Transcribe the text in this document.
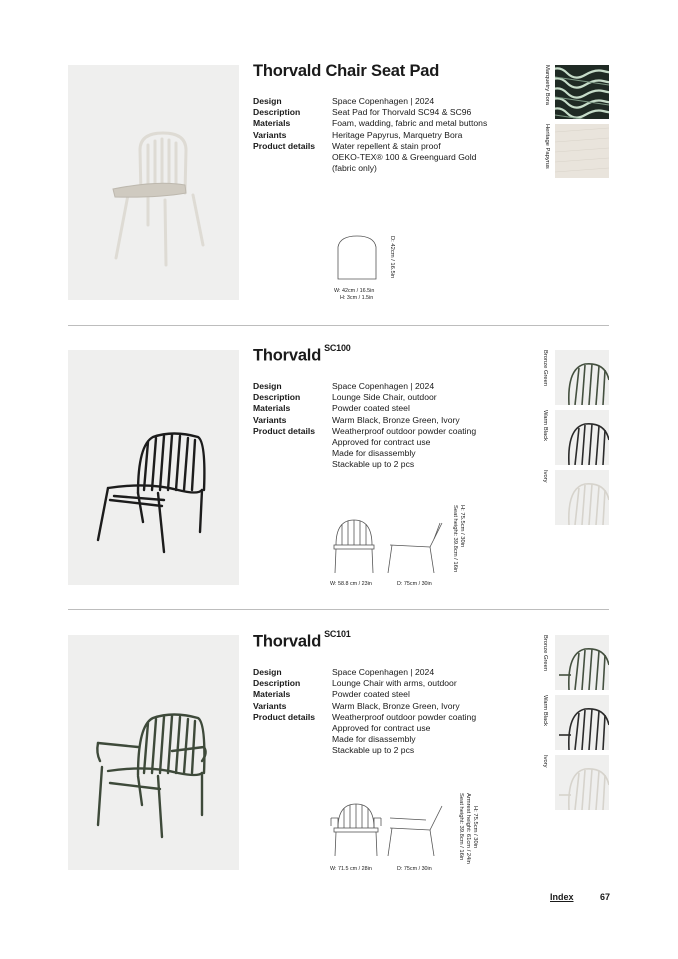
Thorvald Chair Seat Pad
Design	Space Copenhagen | 2024
Description	Seat Pad for Thorvald SC94 & SC96
Materials	Foam, wadding, fabric and metal buttons
Variants	Heritage Papyrus, Marquetry Bora
Product details	Water repellent & stain proof
OEKO-TEX® 100 & Greenguard Gold
(fabric only)
D: 42cm / 16.5in
W: 42cm / 16.5in
H: 3cm / 1.5in
Marquetry Bora
Heritage Papyrus
Thorvald $^{SC100}$
Design	Space Copenhagen | 2024
Description	Lounge Side Chair, outdoor
Materials	Powder coated steel
Variants	Warm Black, Bronze Green, Ivory
Product details	Weatherproof outdoor powder coating
Approved for contract use
Made for disassembly
Stackable up to 2 pcs
H: 75.5cm / 30in
Seat height: 39.8cm / 16in
W: 58.8 cm / 23in	D: 75cm / 30in
Bronze Green
Warm Black
Ivory
Thorvald $^{SC101}$
Design	Space Copenhagen | 2024
Description	Lounge Chair with arms, outdoor
Materials	Powder coated steel
Variants	Warm Black, Bronze Green, Ivory
Product details	Weatherproof outdoor powder coating
Approved for contract use
Made for disassembly
Stackable up to 2 pcs
H: 75.5cm / 30in
Armrest height: 61cm / 24in
Seat height: 39.8cm / 16in
W: 71.5 cm / 28in	D: 75cm / 30in
Bronze Green
Warm Black
Ivory
Index	67
